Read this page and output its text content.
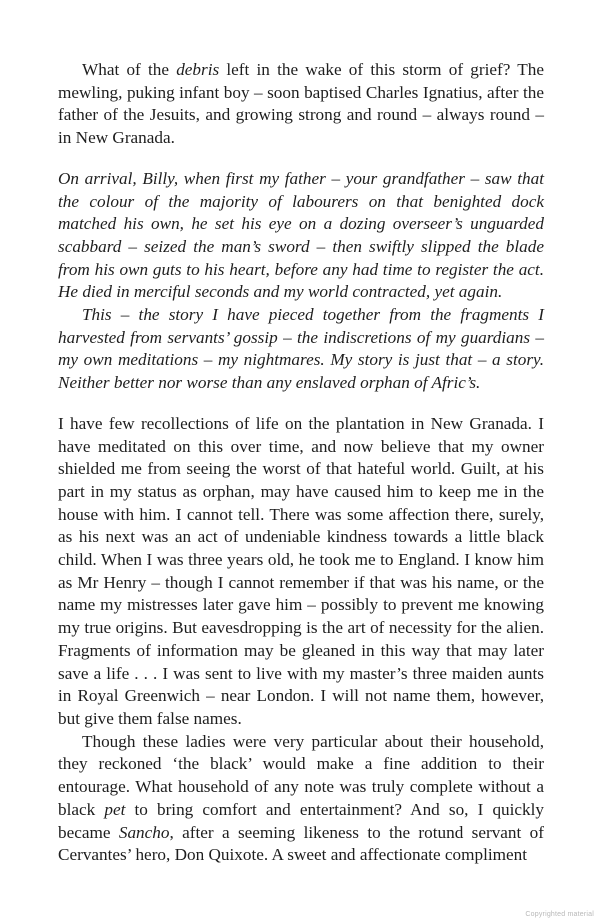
What of the debris left in the wake of this storm of grief? The mewling, puking infant boy – soon baptised Charles Ignatius, after the father of the Jesuits, and growing strong and round – always round – in New Granada.

On arrival, Billy, when first my father – your grandfather – saw that the colour of the majority of labourers on that benighted dock matched his own, he set his eye on a dozing overseer’s unguarded scabbard – seized the man’s sword – then swiftly slipped the blade from his own guts to his heart, before any had time to register the act. He died in merciful seconds and my world contracted, yet again.

This – the story I have pieced together from the fragments I harvested from servants’ gossip – the indiscretions of my guardians – my own meditations – my nightmares. My story is just that – a story. Neither better nor worse than any enslaved orphan of Afric’s.

I have few recollections of life on the plantation in New Granada. I have meditated on this over time, and now believe that my owner shielded me from seeing the worst of that hateful world. Guilt, at his part in my status as orphan, may have caused him to keep me in the house with him. I cannot tell. There was some affection there, surely, as his next was an act of undeniable kindness towards a little black child. When I was three years old, he took me to England. I know him as Mr Henry – though I cannot remember if that was his name, or the name my mistresses later gave him – possibly to prevent me knowing my true origins. But eavesdropping is the art of necessity for the alien. Fragments of information may be gleaned in this way that may later save a life . . . I was sent to live with my master’s three maiden aunts in Royal Greenwich – near London. I will not name them, however, but give them false names.

Though these ladies were very particular about their household, they reckoned ‘the black’ would make a fine addition to their entourage. What household of any note was truly complete without a black pet to bring comfort and entertainment? And so, I quickly became Sancho, after a seeming likeness to the rotund servant of Cervantes’ hero, Don Quixote. A sweet and affectionate compliment

Copyrighted material
